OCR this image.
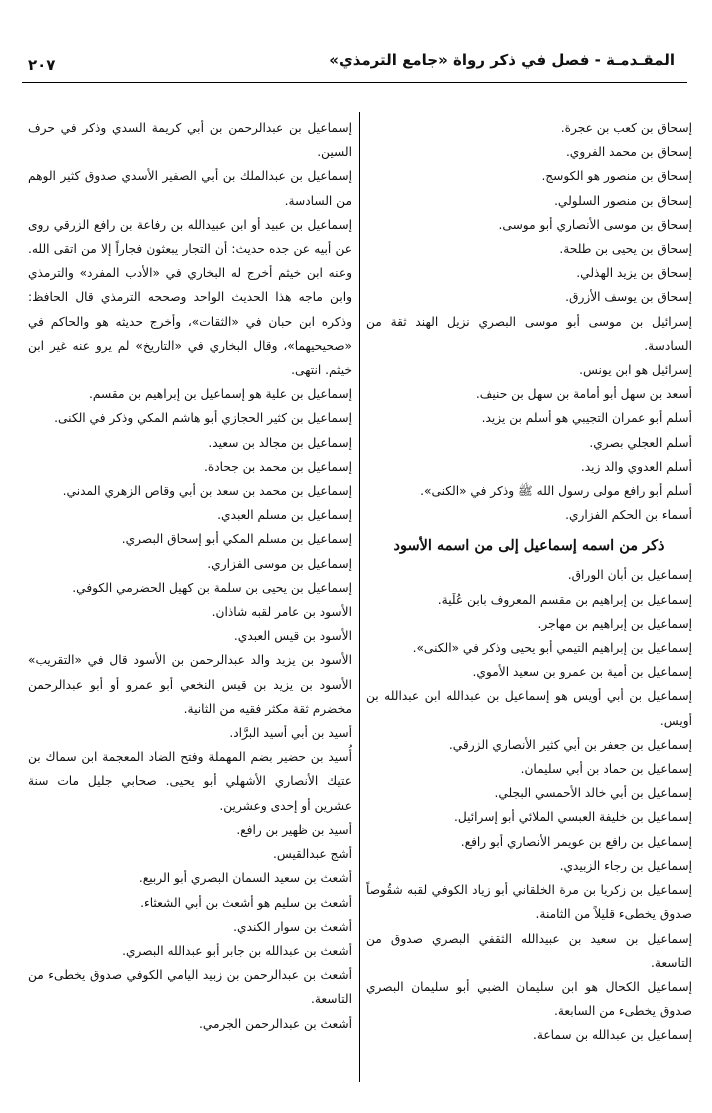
٢٠٧	المقـدمـة - فصل في ذكر رواة «جامع الترمذي»

إسحاق بن كعب بن عجرة.

إسحاق بن محمد الفروي.

إسحاق بن منصور هو الكوسج.

إسحاق بن منصور السلولي.

إسحاق بن موسى الأنصاري أبو موسى.

إسحاق بن يحيى بن طلحة.

إسحاق بن يزيد الهذلي.

إسحاق بن يوسف الأزرق.

إسرائيل بن موسى أبو موسى البصري نزيل الهند ثقة من السادسة.

إسرائيل هو ابن يونس.

أسعد بن سهل أبو أمامة بن سهل بن حنيف.

أسلم أبو عمران التجيبي هو أسلم بن يزيد.

أسلم العجلي بصري.

أسلم العدوي والد زيد.

أسلم أبو رافع مولى رسول الله ﷺ وذكر في «الكنى».

أسماء بن الحكم الفزاري.

ذكر من اسمه إسماعيل إلى من اسمه الأسود

إسماعيل بن أبان الوراق.

إسماعيل بن إبراهيم بن مقسم المعروف بابن عُلَية.

إسماعيل بن إبراهيم بن مهاجر.

إسماعيل بن إبراهيم التيمي أبو يحيى وذكر في «الكنى».

إسماعيل بن أمية بن عمرو بن سعيد الأموي.

إسماعيل بن أبي أويس هو إسماعيل بن عبدالله ابن عبدالله بن أويس.

إسماعيل بن جعفر بن أبي كثير الأنصاري الزرقي.

إسماعيل بن حماد بن أبي سليمان.

إسماعيل بن أبي خالد الأحمسي البجلي.

إسماعيل بن خليفة العبسي الملائي أبو إسرائيل.

إسماعيل بن رافع بن عويمر الأنصاري أبو رافع.

إسماعيل بن رجاء الزبيدي.

إسماعيل بن زكريا بن مرة الخلقاني أبو زياد الكوفي لقبه شقُوصاً صدوق يخطىء قليلاً من الثامنة.

إسماعيل بن سعيد بن عبيدالله الثقفي البصري صدوق من التاسعة.

إسماعيل الكحال هو ابن سليمان الضبي أبو سليمان البصري صدوق يخطىء من السابعة.

إسماعيل بن عبدالله بن سماعة.

إسماعيل بن عبدالرحمن بن أبي كريمة السدي وذكر في حرف السين.

إسماعيل بن عبدالملك بن أبي الصفير الأسدي صدوق كثير الوهم من السادسة.

إسماعيل بن عبيد أو ابن عبيدالله بن رفاعة بن رافع الزرقي روى عن أبيه عن جده حديث: أن التجار يبعثون فجاراً إلا من اتقى الله. وعنه ابن خيثم أخرج له البخاري في «الأدب المفرد» والترمذي وابن ماجه هذا الحديث الواحد وصححه الترمذي قال الحافظ: وذكره ابن حبان في «الثقات»، وأخرج حديثه هو والحاكم في «صحيحيهما»، وقال البخاري في «التاريخ» لم يرو عنه غير ابن خيثم. انتهى.

إسماعيل بن علية هو إسماعيل بن إبراهيم بن مقسم.

إسماعيل بن كثير الحجازي أبو هاشم المكي وذكر في الكنى.

إسماعيل بن مجالد بن سعيد.

إسماعيل بن محمد بن جحادة.

إسماعيل بن محمد بن سعد بن أبي وقاص الزهري المدني.

إسماعيل بن مسلم العبدي.

إسماعيل بن مسلم المكي أبو إسحاق البصري.

إسماعيل بن موسى الفزاري.

إسماعيل بن يحيى بن سلمة بن كهيل الحضرمي الكوفي.

الأسود بن عامر لقبه شاذان.

الأسود بن قيس العبدي.

الأسود بن يزيد والد عبدالرحمن بن الأسود قال في «التقريب» الأسود بن يزيد بن قيس النخعي أبو عمرو أو أبو عبدالرحمن مخضرم ثقة مكثر فقيه من الثانية.

أسيد بن أبي أسيد البرَّاد.

أُسيد بن حضير بضم المهملة وفتح الضاد المعجمة ابن سماك بن عتيك الأنصاري الأشهلي أبو يحيى. صحابي جليل مات سنة عشرين أو إحدى وعشرين.

أسيد بن ظهير بن رافع.

أشج عبدالقيس.

أشعث بن سعيد السمان البصري أبو الربيع.

أشعث بن سليم هو أشعث بن أبي الشعثاء.

أشعث بن سوار الكندي.

أشعث بن عبدالله بن جابر أبو عبدالله البصري.

أشعث بن عبدالرحمن بن زبيد اليامي الكوفي صدوق يخطىء من التاسعة.

أشعث بن عبدالرحمن الجرمي.
